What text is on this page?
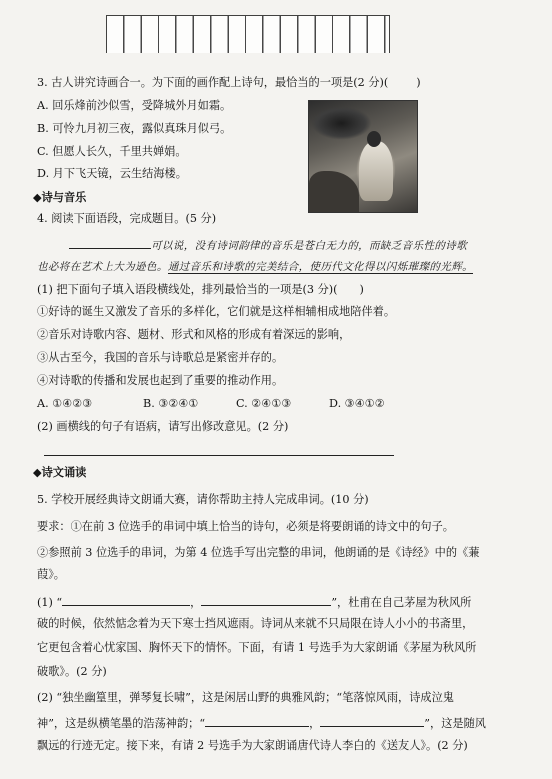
3. 古人讲究诗画合一。为下面的画作配上诗句，最恰当的一项是(2 分)(	)
A. 回乐烽前沙似雪，受降城外月如霜。
B. 可怜九月初三夜，露似真珠月似弓。
C. 但愿人长久，千里共婵娟。
D. 月下飞天镜，云生结海楼。
◆诗与音乐
4. 阅读下面语段，完成题目。(5 分)
可以说，没有诗词韵律的音乐是苍白无力的，而缺乏音乐性的诗歌
也必将在艺术上大为逊色。通过音乐和诗歌的完美结合，使历代文化得以闪烁璀璨的光辉。
(1) 把下面句子填入语段横线处，排列最恰当的一项是(3 分)( )
①好诗的诞生又激发了音乐的多样化，它们就是这样相辅相成地陪伴着。
②音乐对诗歌内容、题材、形式和风格的形成有着深远的影响，
③从古至今，我国的音乐与诗歌总是紧密并存的。
④对诗歌的传播和发展也起到了重要的推动作用。
A. ①④②③	B. ③②④①	C. ②④①③	D. ③④①②
(2) 画横线的句子有语病，请写出修改意见。(2 分)
◆诗文诵读
5. 学校开展经典诗文朗诵大赛，请你帮助主持人完成串词。(10 分)
要求：①在前 3 位选手的串词中填上恰当的诗句，必须是将要朗诵的诗文中的句子。
②参照前 3 位选手的串词，为第 4 位选手写出完整的串词，他朗诵的是《诗经》中的《蒹
葭》。
(1) “	，	”，杜甫在自己茅屋为秋风所
破的时候，依然惦念着为天下寒士挡风遮雨。诗词从来就不只局限在诗人小小的书斋里，
它更包含着心忧家国、胸怀天下的情怀。下面，有请 1 号选手为大家朗诵《茅屋为秋风所
破歌》。(2 分)
(2) “独坐幽篁里，弹琴复长啸”，这是闲居山野的典雅风韵；“笔落惊风雨，诗成泣鬼
神”，这是纵横笔墨的浩荡神韵；“	，	”，这是随风
飘远的行迹无定。接下来，有请 2 号选手为大家朗诵唐代诗人李白的《送友人》。(2 分)
